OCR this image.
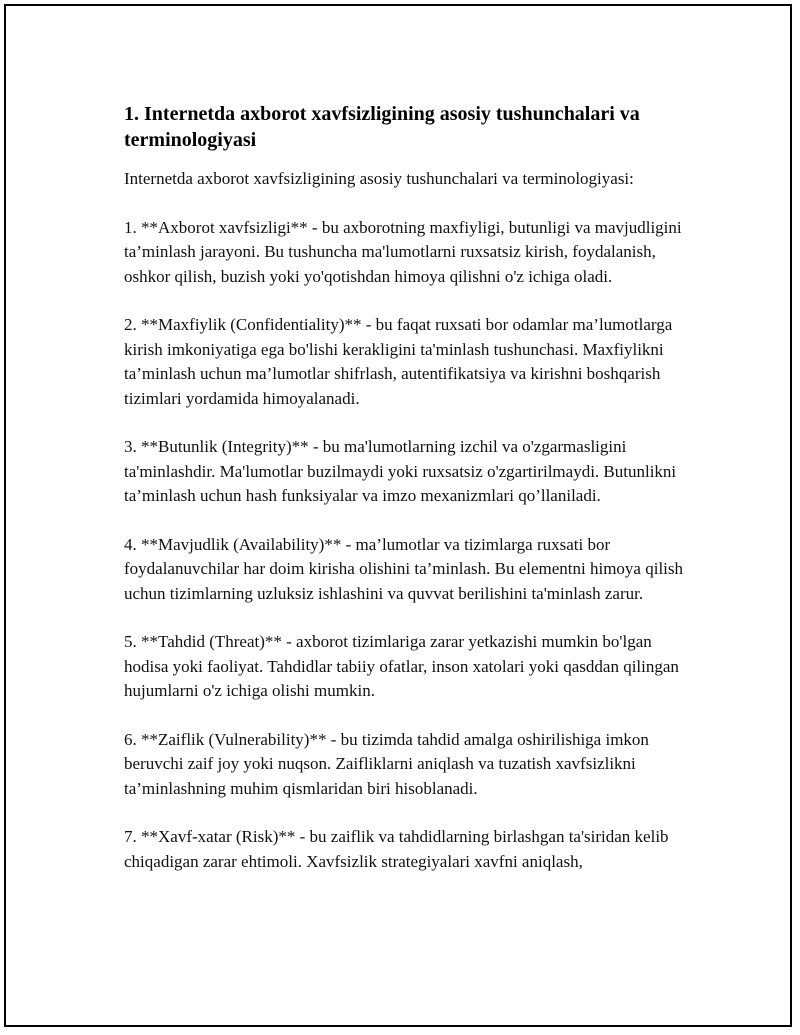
1. Internetda axborot xavfsizligining asosiy tushunchalari va terminologiyasi

Internetda axborot xavfsizligining asosiy tushunchalari va terminologiyasi:

1. **Axborot xavfsizligi** - bu axborotning maxfiyligi, butunligi va mavjudligini ta’minlash jarayoni. Bu tushuncha ma'lumotlarni ruxsatsiz kirish, foydalanish, oshkor qilish, buzish yoki yo'qotishdan himoya qilishni o'z ichiga oladi.

2. **Maxfiylik (Confidentiality)** - bu faqat ruxsati bor odamlar ma’lumotlarga kirish imkoniyatiga ega bo'lishi kerakligini ta'minlash tushunchasi. Maxfiylikni ta’minlash uchun ma’lumotlar shifrlash, autentifikatsiya va kirishni boshqarish tizimlari yordamida himoyalanadi.

3. **Butunlik (Integrity)** - bu ma'lumotlarning izchil va o'zgarmasligini ta'minlashdir. Ma'lumotlar buzilmaydi yoki ruxsatsiz o'zgartirilmaydi. Butunlikni ta’minlash uchun hash funksiyalar va imzo mexanizmlari qo’llaniladi.

4. **Mavjudlik (Availability)** - ma’lumotlar va tizimlarga ruxsati bor foydalanuvchilar har doim kirisha olishini ta’minlash. Bu elementni himoya qilish uchun tizimlarning uzluksiz ishlashini va quvvat berilishini ta'minlash zarur.

5. **Tahdid (Threat)** - axborot tizimlariga zarar yetkazishi mumkin bo'lgan hodisa yoki faoliyat. Tahdidlar tabiiy ofatlar, inson xatolari yoki qasddan qilingan hujumlarni o'z ichiga olishi mumkin.

6. **Zaiflik (Vulnerability)** - bu tizimda tahdid amalga oshirilishiga imkon beruvchi zaif joy yoki nuqson. Zaifliklarni aniqlash va tuzatish xavfsizlikni ta’minlashning muhim qismlaridan biri hisoblanadi.

7. **Xavf-xatar (Risk)** - bu zaiflik va tahdidlarning birlashgan ta'siridan kelib chiqadigan zarar ehtimoli. Xavfsizlik strategiyalari xavfni aniqlash,
